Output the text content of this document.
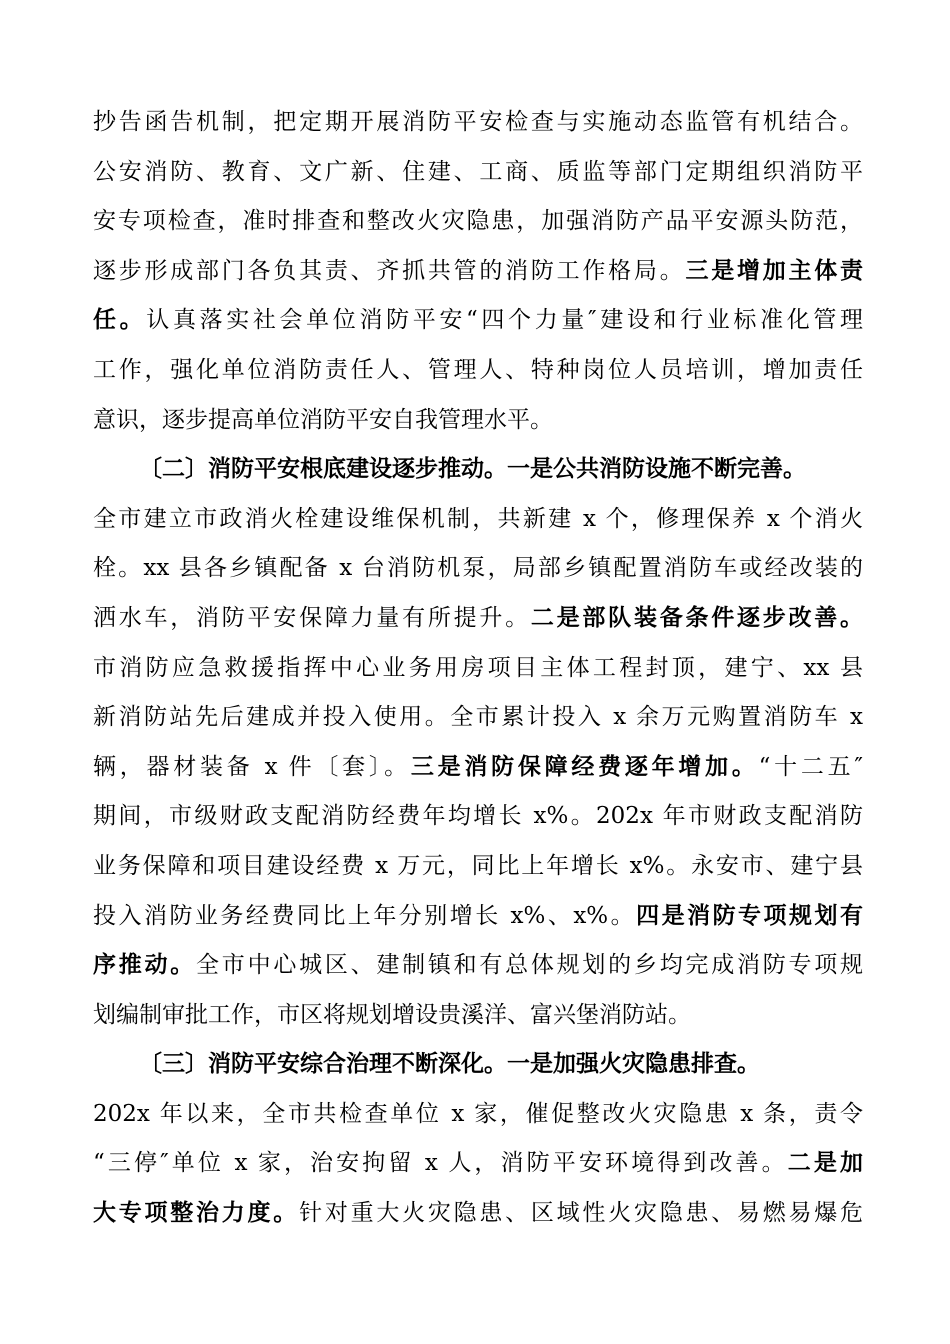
抄告函告机制，把定期开展消防平安检查与实施动态监管有机结合。
公安消防、教育、文广新、住建、工商、质监等部门定期组织消防平
安专项检查，准时排查和整改火灾隐患，加强消防产品平安源头防范，
逐步形成部门各负其责、齐抓共管的消防工作格局。三是增加主体责
任。认真落实社会单位消防平安“四个力量″建设和行业标准化管理
工作，强化单位消防责任人、管理人、特种岗位人员培训，增加责任
意识，逐步提高单位消防平安自我管理水平。
〔二〕消防平安根底建设逐步推动。一是公共消防设施不断完善。
全市建立市政消火栓建设维保机制，共新建 x 个，修理保养 x 个消火
栓。xx 县各乡镇配备 x 台消防机泵，局部乡镇配置消防车或经改装的
洒水车，消防平安保障力量有所提升。二是部队装备条件逐步改善。
市消防应急救援指挥中心业务用房项目主体工程封顶，建宁、xx 县
新消防站先后建成并投入使用。全市累计投入 x 余万元购置消防车 x
辆，器材装备 x 件〔套〕。三是消防保障经费逐年增加。“十二五″
期间，市级财政支配消防经费年均增长 x%。202x 年市财政支配消防
业务保障和项目建设经费 x 万元，同比上年增长 x%。永安市、建宁县
投入消防业务经费同比上年分别增长 x%、x%。四是消防专项规划有
序推动。全市中心城区、建制镇和有总体规划的乡均完成消防专项规
划编制审批工作，市区将规划增设贵溪洋、富兴堡消防站。
〔三〕消防平安综合治理不断深化。一是加强火灾隐患排查。
202x 年以来，全市共检查单位 x 家，催促整改火灾隐患 x 条，责令
“三停″单位 x 家，治安拘留 x 人，消防平安环境得到改善。二是加
大专项整治力度。针对重大火灾隐患、区域性火灾隐患、易燃易爆危
